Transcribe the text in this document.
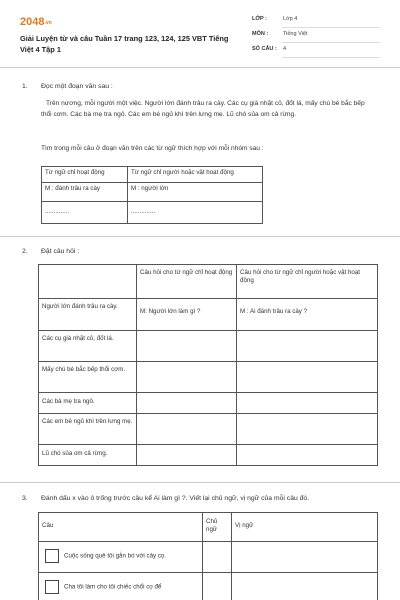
2048.vn
Giải Luyện từ và câu Tuần 17 trang 123, 124, 125 VBT Tiếng Việt 4 Tập 1
LỚP :	Lớp 4
MÔN :	Tiếng Việt
SỐ CÂU : 4
1. Đọc một đoạn văn sau :
Trên nương, mỗi người một việc. Người lớn đánh trâu ra cày. Các cụ già nhặt cỏ, đốt lá, mấy chú bé bắc bếp thổi cơm. Các bà mẹ tra ngô. Các em bé ngủ khì trên lưng mẹ. Lũ chó sủa om cả rừng.
Tìm trong mỗi câu ở đoạn văn trên các từ ngữ thích hợp với mỗi nhóm sau :
Từ ngữ chỉ hoạt động	Từ ngữ chỉ người hoặc vật hoạt động
M : đánh trâu ra cày	M : người lớn
..............	..............
2. Đặt câu hỏi :
	Câu hỏi cho từ ngữ chỉ hoạt động	Câu hỏi cho từ ngữ chỉ người hoặc vật hoạt động
Người lớn đánh trâu ra cày.	M: Người lớn làm gì ?	M : Ai đánh trâu ra cày ?
Các cụ già nhặt cỏ, đốt lá.		
Mấy chú bé bắc bếp thổi cơm.		
Các bà mẹ tra ngô.		
Các em bé ngủ khì trên lưng mẹ.		
Lũ chó sủa om cả rừng.		
3. Đánh dấu x vào ô trống trước câu kể Ai làm gì ?. Viết lại chủ ngữ, vị ngữ của mỗi câu đó.
Câu	Chủ ngữ	Vị ngữ
Cuộc sống quê tôi gắn bó với cây cọ.		
Cha tôi làm cho tôi chiếc chổi cọ để		
